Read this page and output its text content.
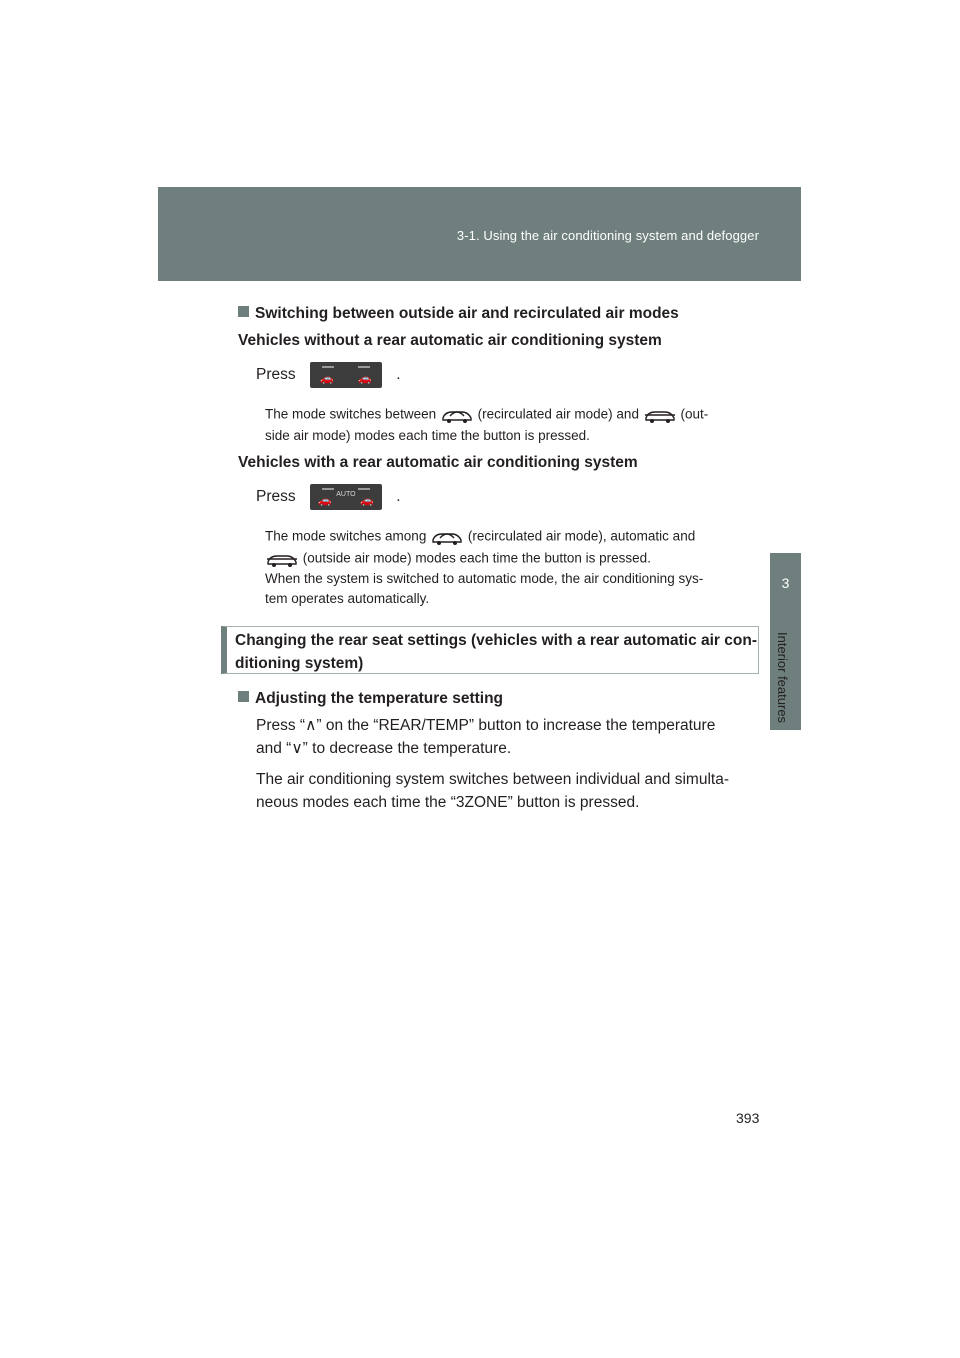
3-1. Using the air conditioning system and defogger
3
Interior features
Switching between outside air and recirculated air modes
Vehicles without a rear automatic air conditioning system
Press 🚗 🚗 .
The mode switches between	(recirculated air mode) and	(out-
side air mode) modes each time the button is pressed.
Vehicles with a rear automatic air conditioning system
Press 🚗
AUTO
🚗 .
The mode switches among	(recirculated air mode), automatic and
(outside air mode) modes each time the button is pressed.
When the system is switched to automatic mode, the air conditioning sys-
tem operates automatically.
Changing the rear seat settings (vehicles with a rear automatic air con-
ditioning system)
Adjusting the temperature setting
Press “∧” on the “REAR/TEMP” button to increase the temperature
and “∨” to decrease the temperature.
The air conditioning system switches between individual and simulta-
neous modes each time the “3ZONE” button is pressed.
393
